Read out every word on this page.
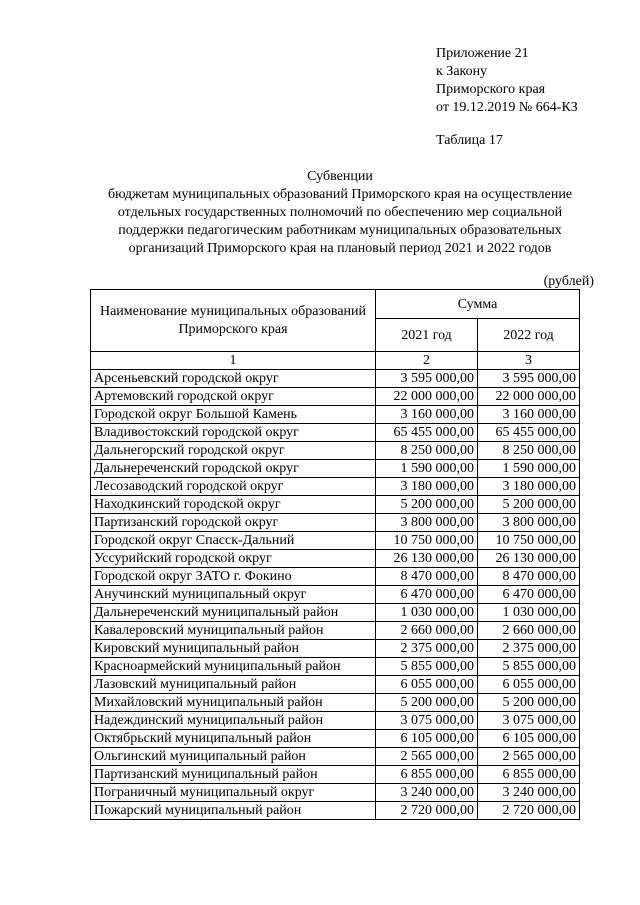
Приложение 21
к Закону
Приморского края
от 19.12.2019 № 664-КЗ
Таблица 17
Субвенции
бюджетам муниципальных образований Приморского края на осуществление
отдельных государственных полномочий по обеспечению мер социальной
поддержки педагогическим работникам муниципальных образовательных
организаций Приморского края на плановый период 2021 и 2022 годов
(рублей)
Наименование муниципальных образований Приморского края	Сумма	
	2021 год	2022 год
1	2	3
Арсеньевский городской округ	3 595 000,00	3 595 000,00
Артемовский городской округ	22 000 000,00	22 000 000,00
Городской округ Большой Камень	3 160 000,00	3 160 000,00
Владивостокский городской округ	65 455 000,00	65 455 000,00
Дальнегорский городской округ	8 250 000,00	8 250 000,00
Дальнереченский городской округ	1 590 000,00	1 590 000,00
Лесозаводский городской округ	3 180 000,00	3 180 000,00
Находкинский городской округ	5 200 000,00	5 200 000,00
Партизанский городской округ	3 800 000,00	3 800 000,00
Городской округ Спасск-Дальний	10 750 000,00	10 750 000,00
Уссурийский городской округ	26 130 000,00	26 130 000,00
Городской округ ЗАТО г. Фокино	8 470 000,00	8 470 000,00
Анучинский муниципальный округ	6 470 000,00	6 470 000,00
Дальнереченский муниципальный район	1 030 000,00	1 030 000,00
Кавалеровский муниципальный район	2 660 000,00	2 660 000,00
Кировский муниципальный район	2 375 000,00	2 375 000,00
Красноармейский муниципальный район	5 855 000,00	5 855 000,00
Лазовский муниципальный район	6 055 000,00	6 055 000,00
Михайловский муниципальный район	5 200 000,00	5 200 000,00
Надеждинский муниципальный район	3 075 000,00	3 075 000,00
Октябрьский муниципальный район	6 105 000,00	6 105 000,00
Ольгинский муниципальный район	2 565 000,00	2 565 000,00
Партизанский муниципальный район	6 855 000,00	6 855 000,00
Пограничный муниципальный округ	3 240 000,00	3 240 000,00
Пожарский муниципальный район	2 720 000,00	2 720 000,00
